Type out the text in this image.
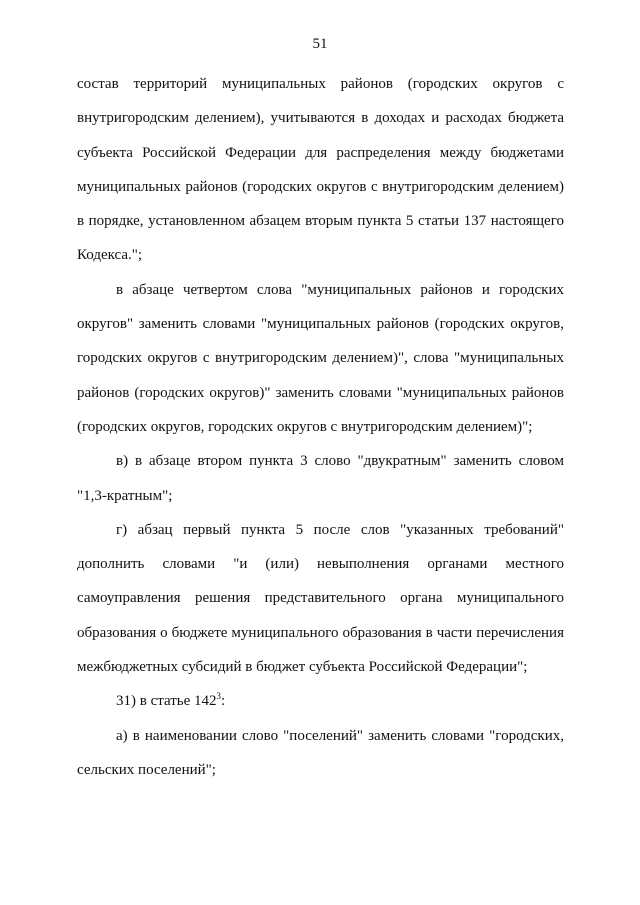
51

состав территорий муниципальных районов (городских округов с внутригородским делением), учитываются в доходах и расходах бюджета субъекта Российской Федерации для распределения между бюджетами муниципальных районов (городских округов с внутригородским делением) в порядке, установленном абзацем вторым пункта 5 статьи 137 настоящего Кодекса.";

в абзаце четвертом слова "муниципальных районов и городских округов" заменить словами "муниципальных районов (городских округов, городских округов с внутригородским делением)", слова "муниципальных районов (городских округов)" заменить словами "муниципальных районов (городских округов, городских округов с внутригородским делением)";

в) в абзаце втором пункта 3 слово "двукратным" заменить словом "1,3-кратным";

г) абзац первый пункта 5 после слов "указанных требований" дополнить словами "и (или) невыполнения органами местного самоуправления решения представительного органа муниципального образования о бюджете муниципального образования в части перечисления межбюджетных субсидий в бюджет субъекта Российской Федерации";

31) в статье $142^3$:

а) в наименовании слово "поселений" заменить словами "городских, сельских поселений";
